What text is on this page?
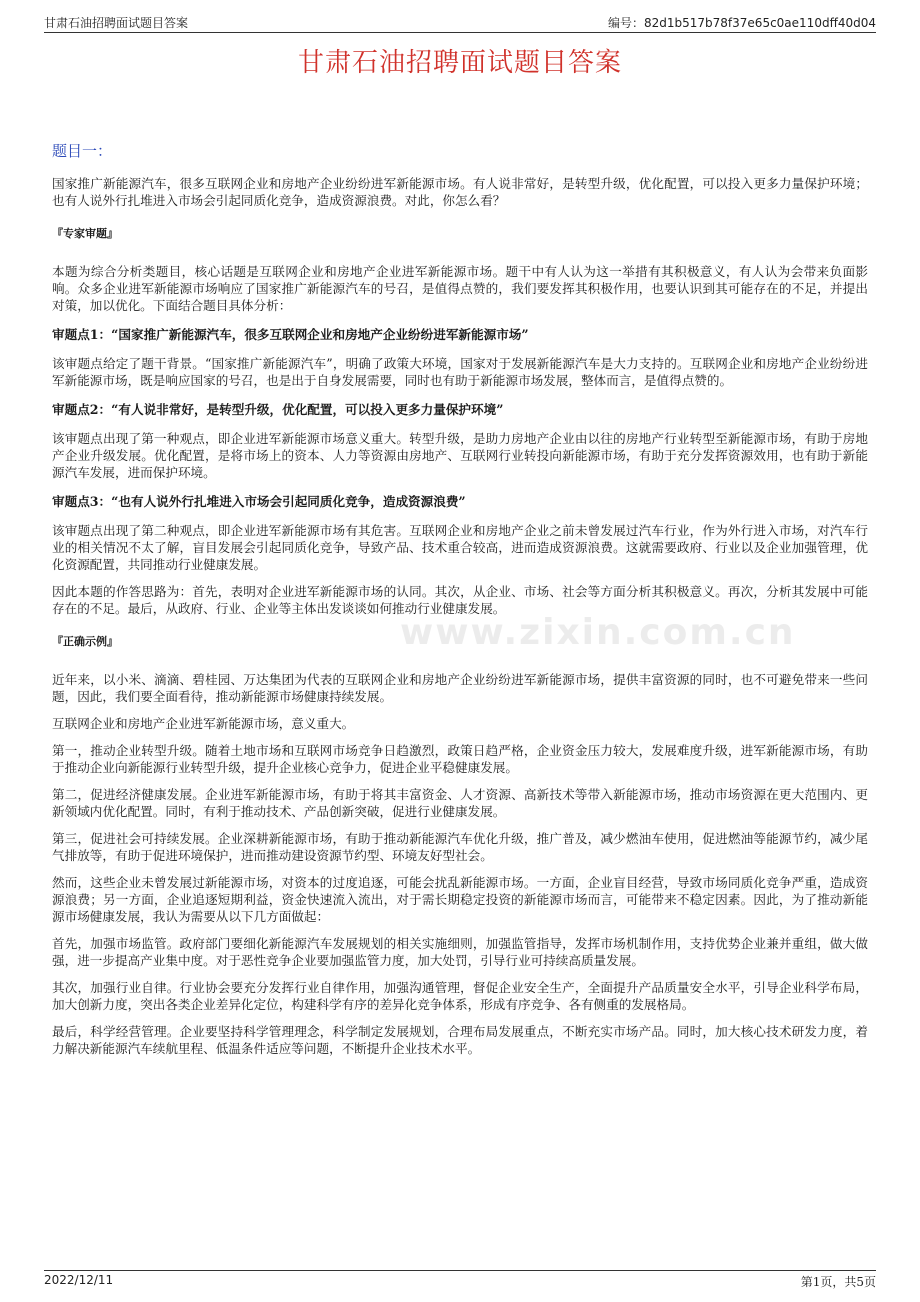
甘肃石油招聘面试题目答案	编号：82d1b517b78f37e65c0ae110dff40d04
甘肃石油招聘面试题目答案
www.zixin.com.cn
题目一：

国家推广新能源汽车，很多互联网企业和房地产企业纷纷进军新能源市场。有人说非常好，是转型升级，优化配置，可以投入更多力量保护环境；也有人说外行扎堆进入市场会引起同质化竞争，造成资源浪费。对此，你怎么看？

『专家审题』

本题为综合分析类题目，核心话题是互联网企业和房地产企业进军新能源市场。题干中有人认为这一举措有其积极意义，有人认为会带来负面影响。众多企业进军新能源市场响应了国家推广新能源汽车的号召，是值得点赞的，我们要发挥其积极作用，也要认识到其可能存在的不足，并提出对策，加以优化。下面结合题目具体分析：

审题点1：“国家推广新能源汽车，很多互联网企业和房地产企业纷纷进军新能源市场”

该审题点给定了题干背景。“国家推广新能源汽车”，明确了政策大环境，国家对于发展新能源汽车是大力支持的。互联网企业和房地产企业纷纷进军新能源市场，既是响应国家的号召，也是出于自身发展需要，同时也有助于新能源市场发展，整体而言，是值得点赞的。

审题点2：“有人说非常好，是转型升级，优化配置，可以投入更多力量保护环境”

该审题点出现了第一种观点，即企业进军新能源市场意义重大。转型升级，是助力房地产企业由以往的房地产行业转型至新能源市场，有助于房地产企业升级发展。优化配置，是将市场上的资本、人力等资源由房地产、互联网行业转投向新能源市场，有助于充分发挥资源效用，也有助于新能源汽车发展，进而保护环境。

审题点3：“也有人说外行扎堆进入市场会引起同质化竞争，造成资源浪费”

该审题点出现了第二种观点，即企业进军新能源市场有其危害。互联网企业和房地产企业之前未曾发展过汽车行业，作为外行进入市场，对汽车行业的相关情况不太了解，盲目发展会引起同质化竞争，导致产品、技术重合较高，进而造成资源浪费。这就需要政府、行业以及企业加强管理，优化资源配置，共同推动行业健康发展。

因此本题的作答思路为：首先，表明对企业进军新能源市场的认同。其次，从企业、市场、社会等方面分析其积极意义。再次，分析其发展中可能存在的不足。最后，从政府、行业、企业等主体出发谈谈如何推动行业健康发展。

『正确示例』

近年来，以小米、滴滴、碧桂园、万达集团为代表的互联网企业和房地产企业纷纷进军新能源市场，提供丰富资源的同时，也不可避免带来一些问题，因此，我们要全面看待，推动新能源市场健康持续发展。

互联网企业和房地产企业进军新能源市场，意义重大。

第一，推动企业转型升级。随着土地市场和互联网市场竞争日趋激烈，政策日趋严格，企业资金压力较大，发展难度升级，进军新能源市场，有助于推动企业向新能源行业转型升级，提升企业核心竞争力，促进企业平稳健康发展。

第二，促进经济健康发展。企业进军新能源市场，有助于将其丰富资金、人才资源、高新技术等带入新能源市场，推动市场资源在更大范围内、更新领域内优化配置。同时，有利于推动技术、产品创新突破，促进行业健康发展。

第三，促进社会可持续发展。企业深耕新能源市场，有助于推动新能源汽车优化升级，推广普及，减少燃油车使用，促进燃油等能源节约，减少尾气排放等，有助于促进环境保护，进而推动建设资源节约型、环境友好型社会。

然而，这些企业未曾发展过新能源市场，对资本的过度追逐，可能会扰乱新能源市场。一方面，企业盲目经营，导致市场同质化竞争严重，造成资源浪费；另一方面，企业追逐短期利益，资金快速流入流出，对于需长期稳定投资的新能源市场而言，可能带来不稳定因素。因此，为了推动新能源市场健康发展，我认为需要从以下几方面做起：

首先，加强市场监管。政府部门要细化新能源汽车发展规划的相关实施细则，加强监管指导，发挥市场机制作用，支持优势企业兼并重组，做大做强，进一步提高产业集中度。对于恶性竞争企业要加强监管力度，加大处罚，引导行业可持续高质量发展。

其次，加强行业自律。行业协会要充分发挥行业自律作用，加强沟通管理，督促企业安全生产，全面提升产品质量安全水平，引导企业科学布局，加大创新力度，突出各类企业差异化定位，构建科学有序的差异化竞争体系，形成有序竞争、各有侧重的发展格局。

最后，科学经营管理。企业要坚持科学管理理念，科学制定发展规划，合理布局发展重点，不断充实市场产品。同时，加大核心技术研发力度，着力解决新能源汽车续航里程、低温条件适应等问题，不断提升企业技术水平。

2022/12/11	第1页，共5页
